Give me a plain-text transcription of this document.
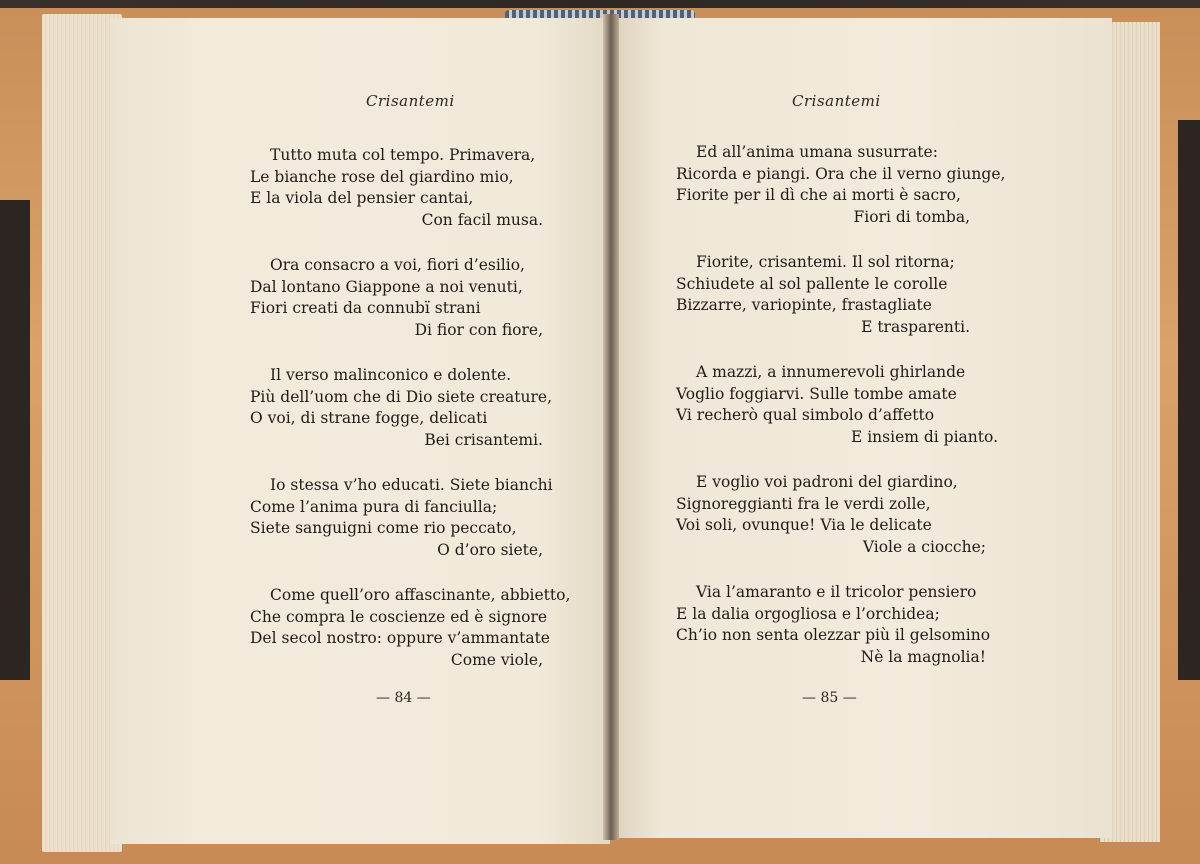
Crisantemi
Tutto muta col tempo. Primavera,
Le bianche rose del giardino mio,
E la viola del pensier cantai,
Con facil musa.
Ora consacro a voi, fiori d’esilio,
Dal lontano Giappone a noi venuti,
Fiori creati da connubï strani
Di fior con fiore,
Il verso malinconico e dolente.
Più dell’uom che di Dio siete creature,
O voi, di strane fogge, delicati
Bei crisantemi.
Io stessa v’ho educati. Siete bianchi
Come l’anima pura di fanciulla;
Siete sanguigni come rio peccato,
O d’oro siete,
Come quell’oro affascinante, abbietto,
Che compra le coscienze ed è signore
Del secol nostro: oppure v’ammantate
Come viole,
— 84 —
Crisantemi
Ed all’anima umana susurrate:
Ricorda e piangi. Ora che il verno giunge,
Fiorite per il dì che ai morti è sacro,
Fiori di tomba,
Fiorite, crisantemi. Il sol ritorna;
Schiudete al sol pallente le corolle
Bizzarre, variopinte, frastagliate
E trasparenti.
A mazzi, a innumerevoli ghirlande
Voglio foggiarvi. Sulle tombe amate
Vi recherò qual simbolo d’affetto
E insiem di pianto.
E voglio voi padroni del giardino,
Signoreggianti fra le verdi zolle,
Voi soli, ovunque! Via le delicate
Viole a ciocche;
Via l’amaranto e il tricolor pensiero
E la dalia orgogliosa e l’orchidea;
Ch’io non senta olezzar più il gelsomino
Nè la magnolia!
— 85 —
